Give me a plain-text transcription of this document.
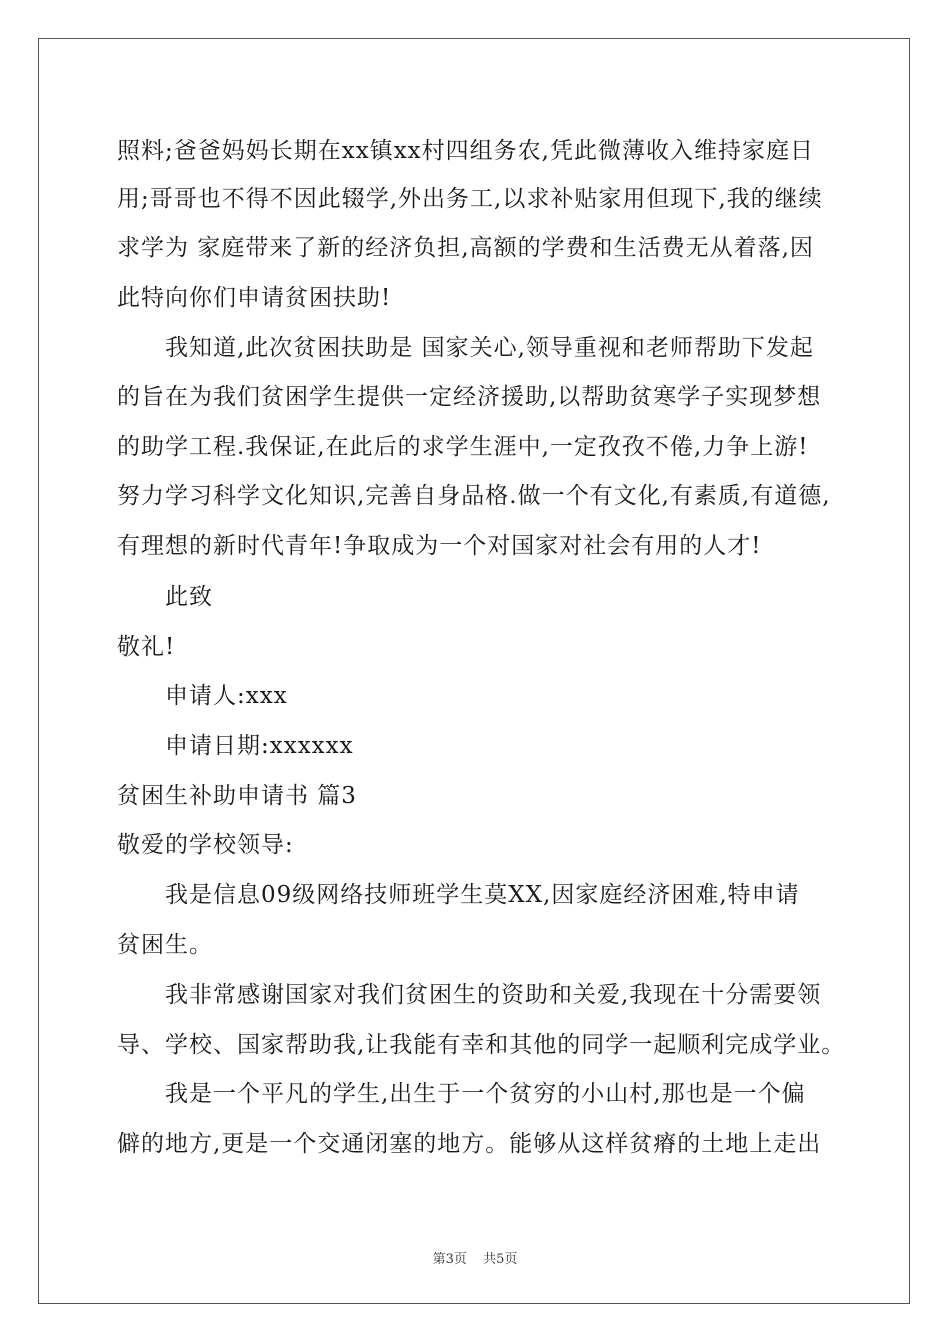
照料;爸爸妈妈长期在xx镇xx村四组务农,凭此微薄收入维持家庭日
用;哥哥也不得不因此辍学,外出务工,以求补贴家用但现下,我的继续
求学为 家庭带来了新的经济负担,高额的学费和生活费无从着落,因
此特向你们申请贫困扶助!
我知道,此次贫困扶助是 国家关心,领导重视和老师帮助下发起
的旨在为我们贫困学生提供一定经济援助,以帮助贫寒学子实现梦想
的助学工程.我保证,在此后的求学生涯中,一定孜孜不倦,力争上游!
努力学习科学文化知识,完善自身品格.做一个有文化,有素质,有道德,
有理想的新时代青年!争取成为一个对国家对社会有用的人才!
此致
敬礼!
申请人:xxx
申请日期:xxxxxx
贫困生补助申请书 篇3
敬爱的学校领导:
我是信息09级网络技师班学生莫XX,因家庭经济困难,特申请
贫困生。
我非常感谢国家对我们贫困生的资助和关爱,我现在十分需要领
导、学校、国家帮助我,让我能有幸和其他的同学一起顺利完成学业。
我是一个平凡的学生,出生于一个贫穷的小山村,那也是一个偏
僻的地方,更是一个交通闭塞的地方。能够从这样贫瘠的土地上走出
第3页 共5页
